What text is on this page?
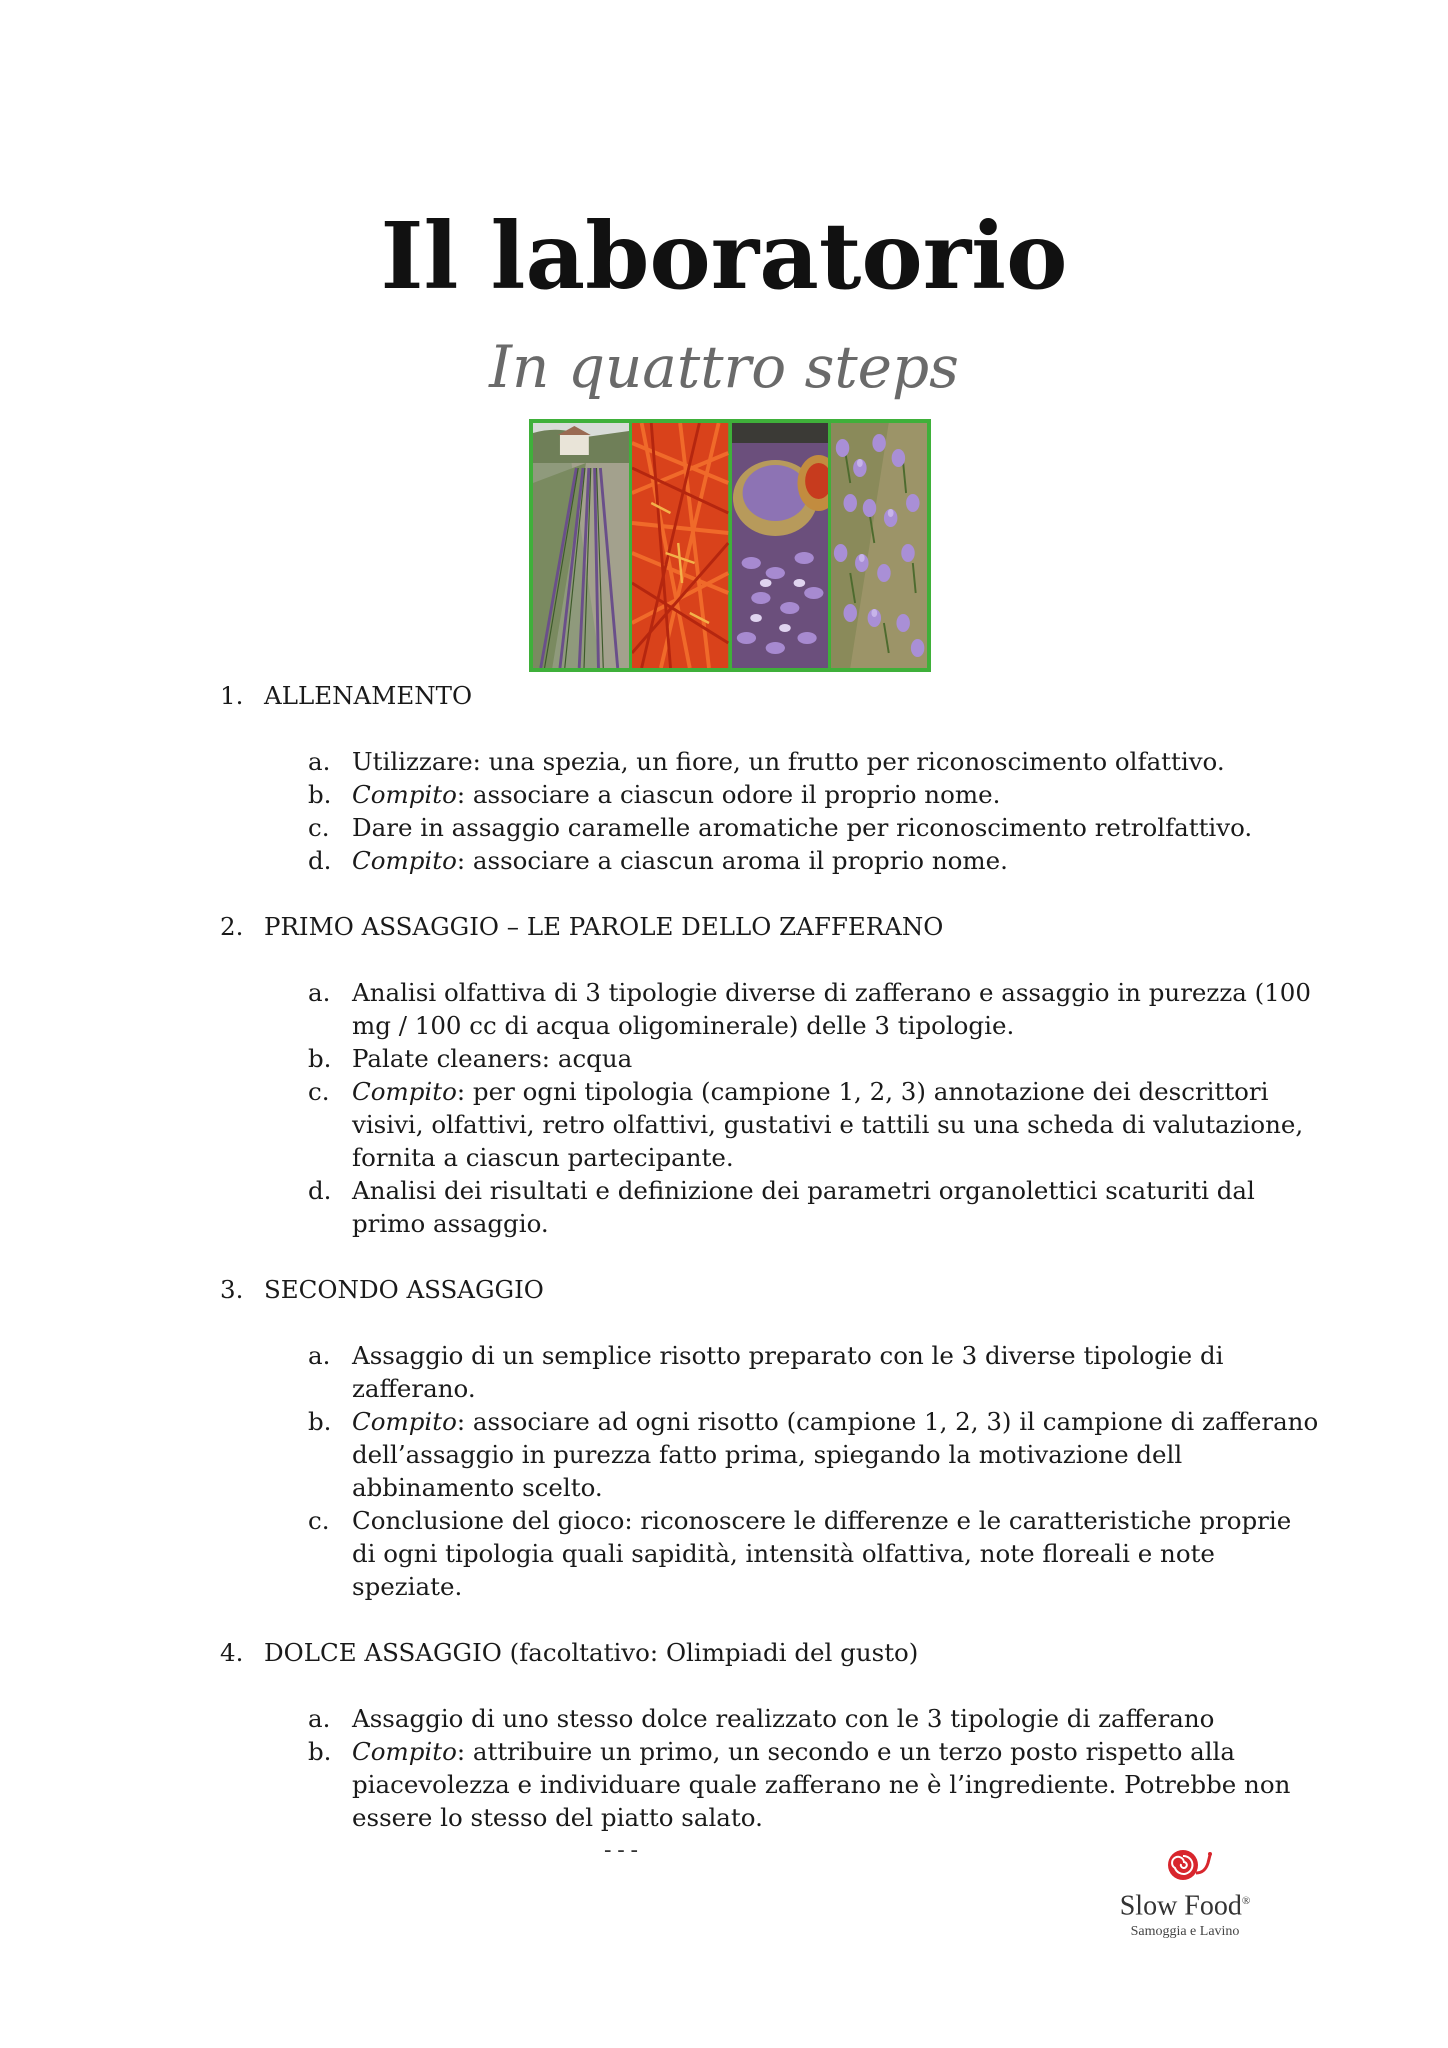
Il laboratorio
In quattro steps
1. ALLENAMENTO
a. Utilizzare: una spezia, un fiore, un frutto per riconoscimento olfattivo.
b. Compito: associare a ciascun odore il proprio nome.
c. Dare in assaggio caramelle aromatiche per riconoscimento retrolfattivo.
d. Compito: associare a ciascun aroma il proprio nome.
2. PRIMO ASSAGGIO – LE PAROLE DELLO ZAFFERANO
a. Analisi olfattiva di 3 tipologie diverse di zafferano e assaggio in purezza (100 mg / 100 cc di acqua oligominerale) delle 3 tipologie.
b. Palate cleaners: acqua
c. Compito: per ogni tipologia (campione 1, 2, 3) annotazione dei descrittori visivi, olfattivi, retro olfattivi, gustativi e tattili su una scheda di valutazione, fornita a ciascun partecipante.
d. Analisi dei risultati e definizione dei parametri organolettici scaturiti dal primo assaggio.
3. SECONDO ASSAGGIO
a. Assaggio di un semplice risotto preparato con le 3 diverse tipologie di zafferano.
b. Compito: associare ad ogni risotto (campione 1, 2, 3) il campione di zafferano dell’assaggio in purezza fatto prima, spiegando la motivazione dell abbinamento scelto.
c. Conclusione del gioco: riconoscere le differenze e le caratteristiche proprie di ogni tipologia quali sapidità, intensità olfattiva, note floreali e note speziate.
4. DOLCE ASSAGGIO (facoltativo: Olimpiadi del gusto)
a. Assaggio di uno stesso dolce realizzato con le 3 tipologie di zafferano
b. Compito: attribuire un primo, un secondo e un terzo posto rispetto alla piacevolezza e individuare quale zafferano ne è l’ingrediente. Potrebbe non essere lo stesso del piatto salato.
---
Slow Food®
Samoggia e Lavino
